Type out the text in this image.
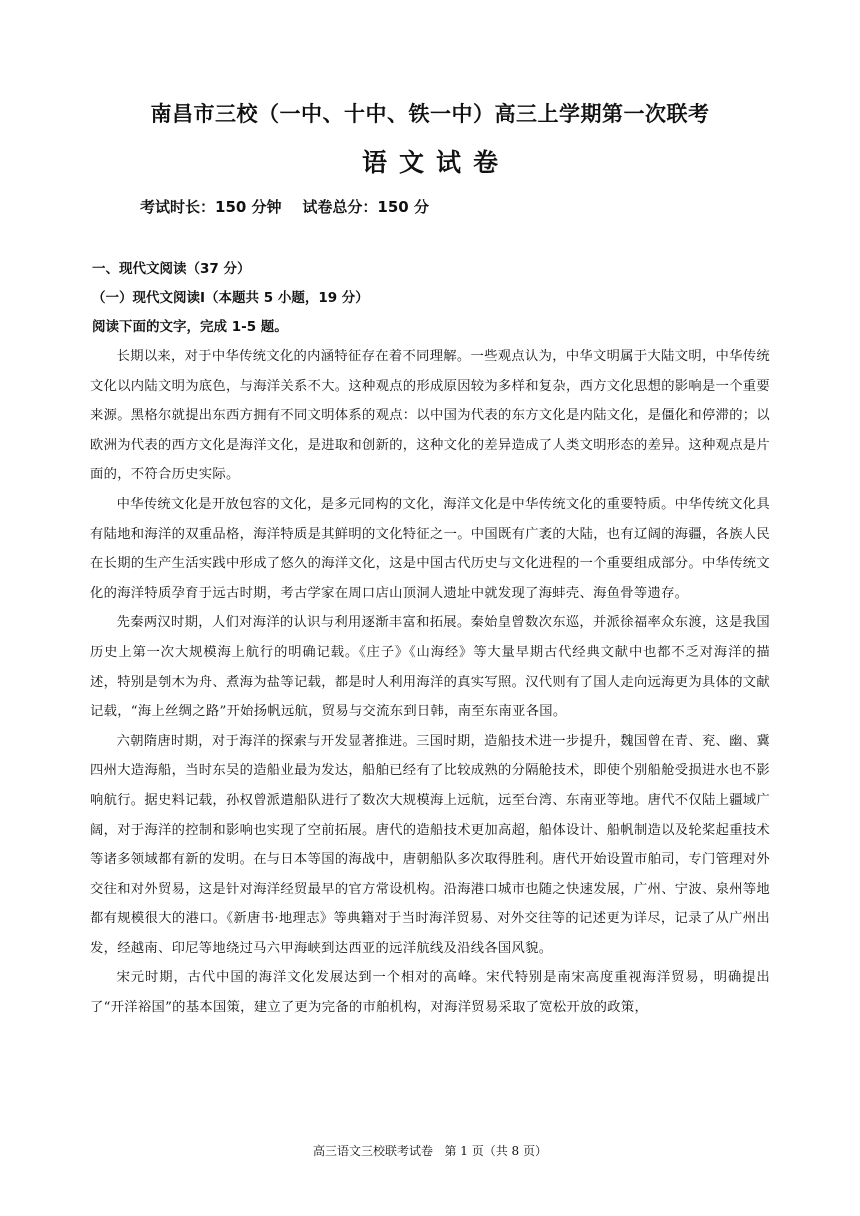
南昌市三校（一中、十中、铁一中）高三上学期第一次联考
语文试卷
考试时长：150 分钟    试卷总分：150 分
一、现代文阅读（37 分）
（一）现代文阅读Ⅰ（本题共 5 小题，19 分）
阅读下面的文字，完成 1-5 题。

长期以来，对于中华传统文化的内涵特征存在着不同理解。一些观点认为，中华文明属于大陆文明，中华传统文化以内陆文明为底色，与海洋关系不大。这种观点的形成原因较为多样和复杂，西方文化思想的影响是一个重要来源。黑格尔就提出东西方拥有不同文明体系的观点：以中国为代表的东方文化是内陆文化，是僵化和停滞的；以欧洲为代表的西方文化是海洋文化，是进取和创新的，这种文化的差异造成了人类文明形态的差异。这种观点是片面的，不符合历史实际。

中华传统文化是开放包容的文化，是多元同构的文化，海洋文化是中华传统文化的重要特质。中华传统文化具有陆地和海洋的双重品格，海洋特质是其鲜明的文化特征之一。中国既有广袤的大陆，也有辽阔的海疆，各族人民在长期的生产生活实践中形成了悠久的海洋文化，这是中国古代历史与文化进程的一个重要组成部分。中华传统文化的海洋特质孕育于远古时期，考古学家在周口店山顶洞人遗址中就发现了海蚌壳、海鱼骨等遗存。

先秦两汉时期，人们对海洋的认识与利用逐渐丰富和拓展。秦始皇曾数次东巡，并派徐福率众东渡，这是我国历史上第一次大规模海上航行的明确记载。《庄子》《山海经》等大量早期古代经典文献中也都不乏对海洋的描述，特别是刳木为舟、煮海为盐等记载，都是时人利用海洋的真实写照。汉代则有了国人走向远海更为具体的文献记载，“海上丝绸之路”开始扬帆远航，贸易与交流东到日韩，南至东南亚各国。

六朝隋唐时期，对于海洋的探索与开发显著推进。三国时期，造船技术进一步提升，魏国曾在青、兖、幽、冀四州大造海船，当时东吴的造船业最为发达，船舶已经有了比较成熟的分隔舱技术，即使个别船舱受损进水也不影响航行。据史料记载，孙权曾派遣船队进行了数次大规模海上远航，远至台湾、东南亚等地。唐代不仅陆上疆域广阔，对于海洋的控制和影响也实现了空前拓展。唐代的造船技术更加高超，船体设计、船帆制造以及轮桨起重技术等诸多领域都有新的发明。在与日本等国的海战中，唐朝船队多次取得胜利。唐代开始设置市舶司，专门管理对外交往和对外贸易，这是针对海洋经贸最早的官方常设机构。沿海港口城市也随之快速发展，广州、宁波、泉州等地都有规模很大的港口。《新唐书·地理志》等典籍对于当时海洋贸易、对外交往等的记述更为详尽，记录了从广州出发，经越南、印尼等地绕过马六甲海峡到达西亚的远洋航线及沿线各国风貌。

宋元时期，古代中国的海洋文化发展达到一个相对的高峰。宋代特别是南宋高度重视海洋贸易，明确提出了“开洋裕国”的基本国策，建立了更为完备的市舶机构，对海洋贸易采取了宽松开放的政策，

高三语文三校联考试卷   第 1 页（共 8 页）
